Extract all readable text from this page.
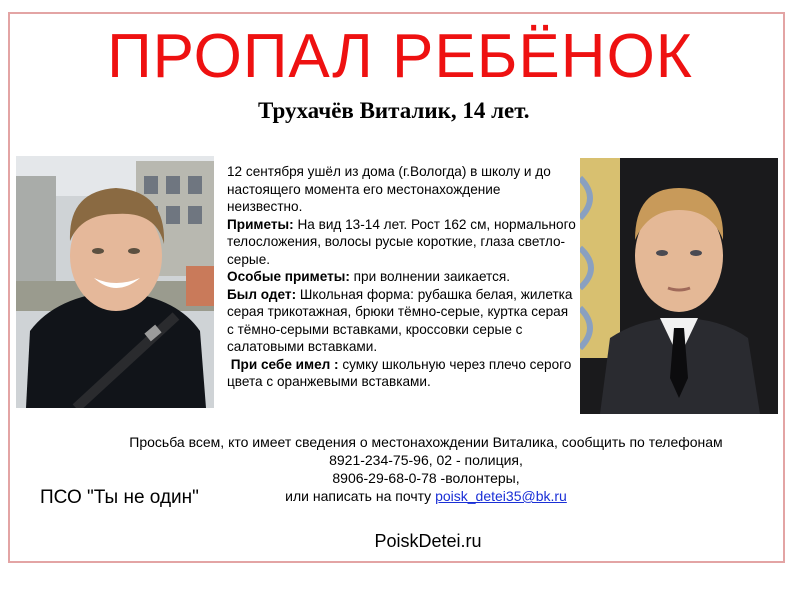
ПРОПАЛ РЕБЁНОК
Трухачёв Виталик, 14 лет.

12 сентября ушёл из дома (г.Вологда) в школу и до настоящего момента его местонахождение неизвестно.

Приметы: На вид 13-14 лет. Рост 162 см, нормального телосложения, волосы русые короткие, глаза светло-серые.

Особые приметы: при волнении заикается.

Был одет: Школьная форма: рубашка белая, жилетка серая трикотажная, брюки тёмно-серые, куртка серая с тёмно-серыми вставками, кроссовки серые с салатовыми вставками.

При себе имел : сумку школьную через плечо серого цвета с оранжевыми вставками.

Просьба всем, кто имеет сведения о местонахождении Виталика, сообщить по телефонам
8921-234-75-96, 02 - полиция,
8906-29-68-0-78 -волонтеры,
или написать на почту poisk_detei35@bk.ru
ПСО "Ты не один"
PoiskDetei.ru
